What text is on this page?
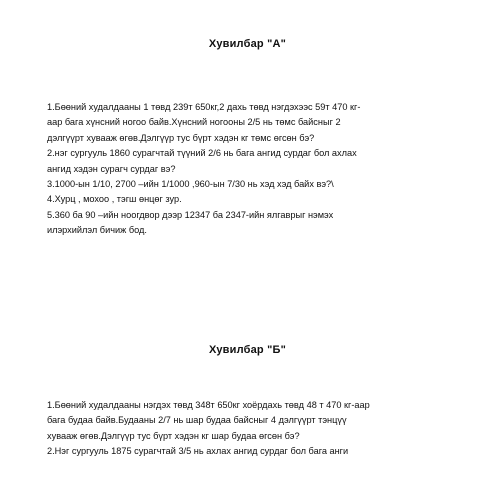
Хувилбар "А"
1.Бөөний худалдааны 1 төвд 239т 650кг,2 дахь төвд нэгдэхээс 59т 470 кг-
аар бага хүнсний ногоо байв.Хүнсний ногооны 2/5 нь төмс байсныг 2
дэлгүүрт хуваaж өгөв.Дэлгүүр тус бүрт хэдэн кг төмс өгсөн бэ?
2.нэг сургууль 1860 сурагчтай түүний 2/6 нь бага ангид сурдаг бол ахлах
ангид хэдэн сурагч сурдаг вэ?
3.1000-ын 1/10, 2700 –ийн 1/1000 ,960-ын 7/30 нь хэд хэд байх вэ?\
4.Хурц , мохоо , тэгш өнцөг зур.
5.360 ба 90 –ийн ноогдвор дээр 12347 ба 2347-ийн ялгаврыг нэмэх
илэрхийлэл бичиж бод.
Хувилбар "Б"
1.Бөөний худалдааны нэгдэх төвд 348т 650кг хоёрдахь төвд 48 т 470 кг-аар
бага будаа байв.Будааны 2/7 нь шар будаа байсныг 4 дэлгүүрт тэнцүү
хуваaж өгөв.Дэлгүүр тус бүрт хэдэн кг шар будаа өгсөн бэ?
2.Нэг сургууль 1875 сурагчтай 3/5 нь ахлах ангид сурдаг бол бага анги
